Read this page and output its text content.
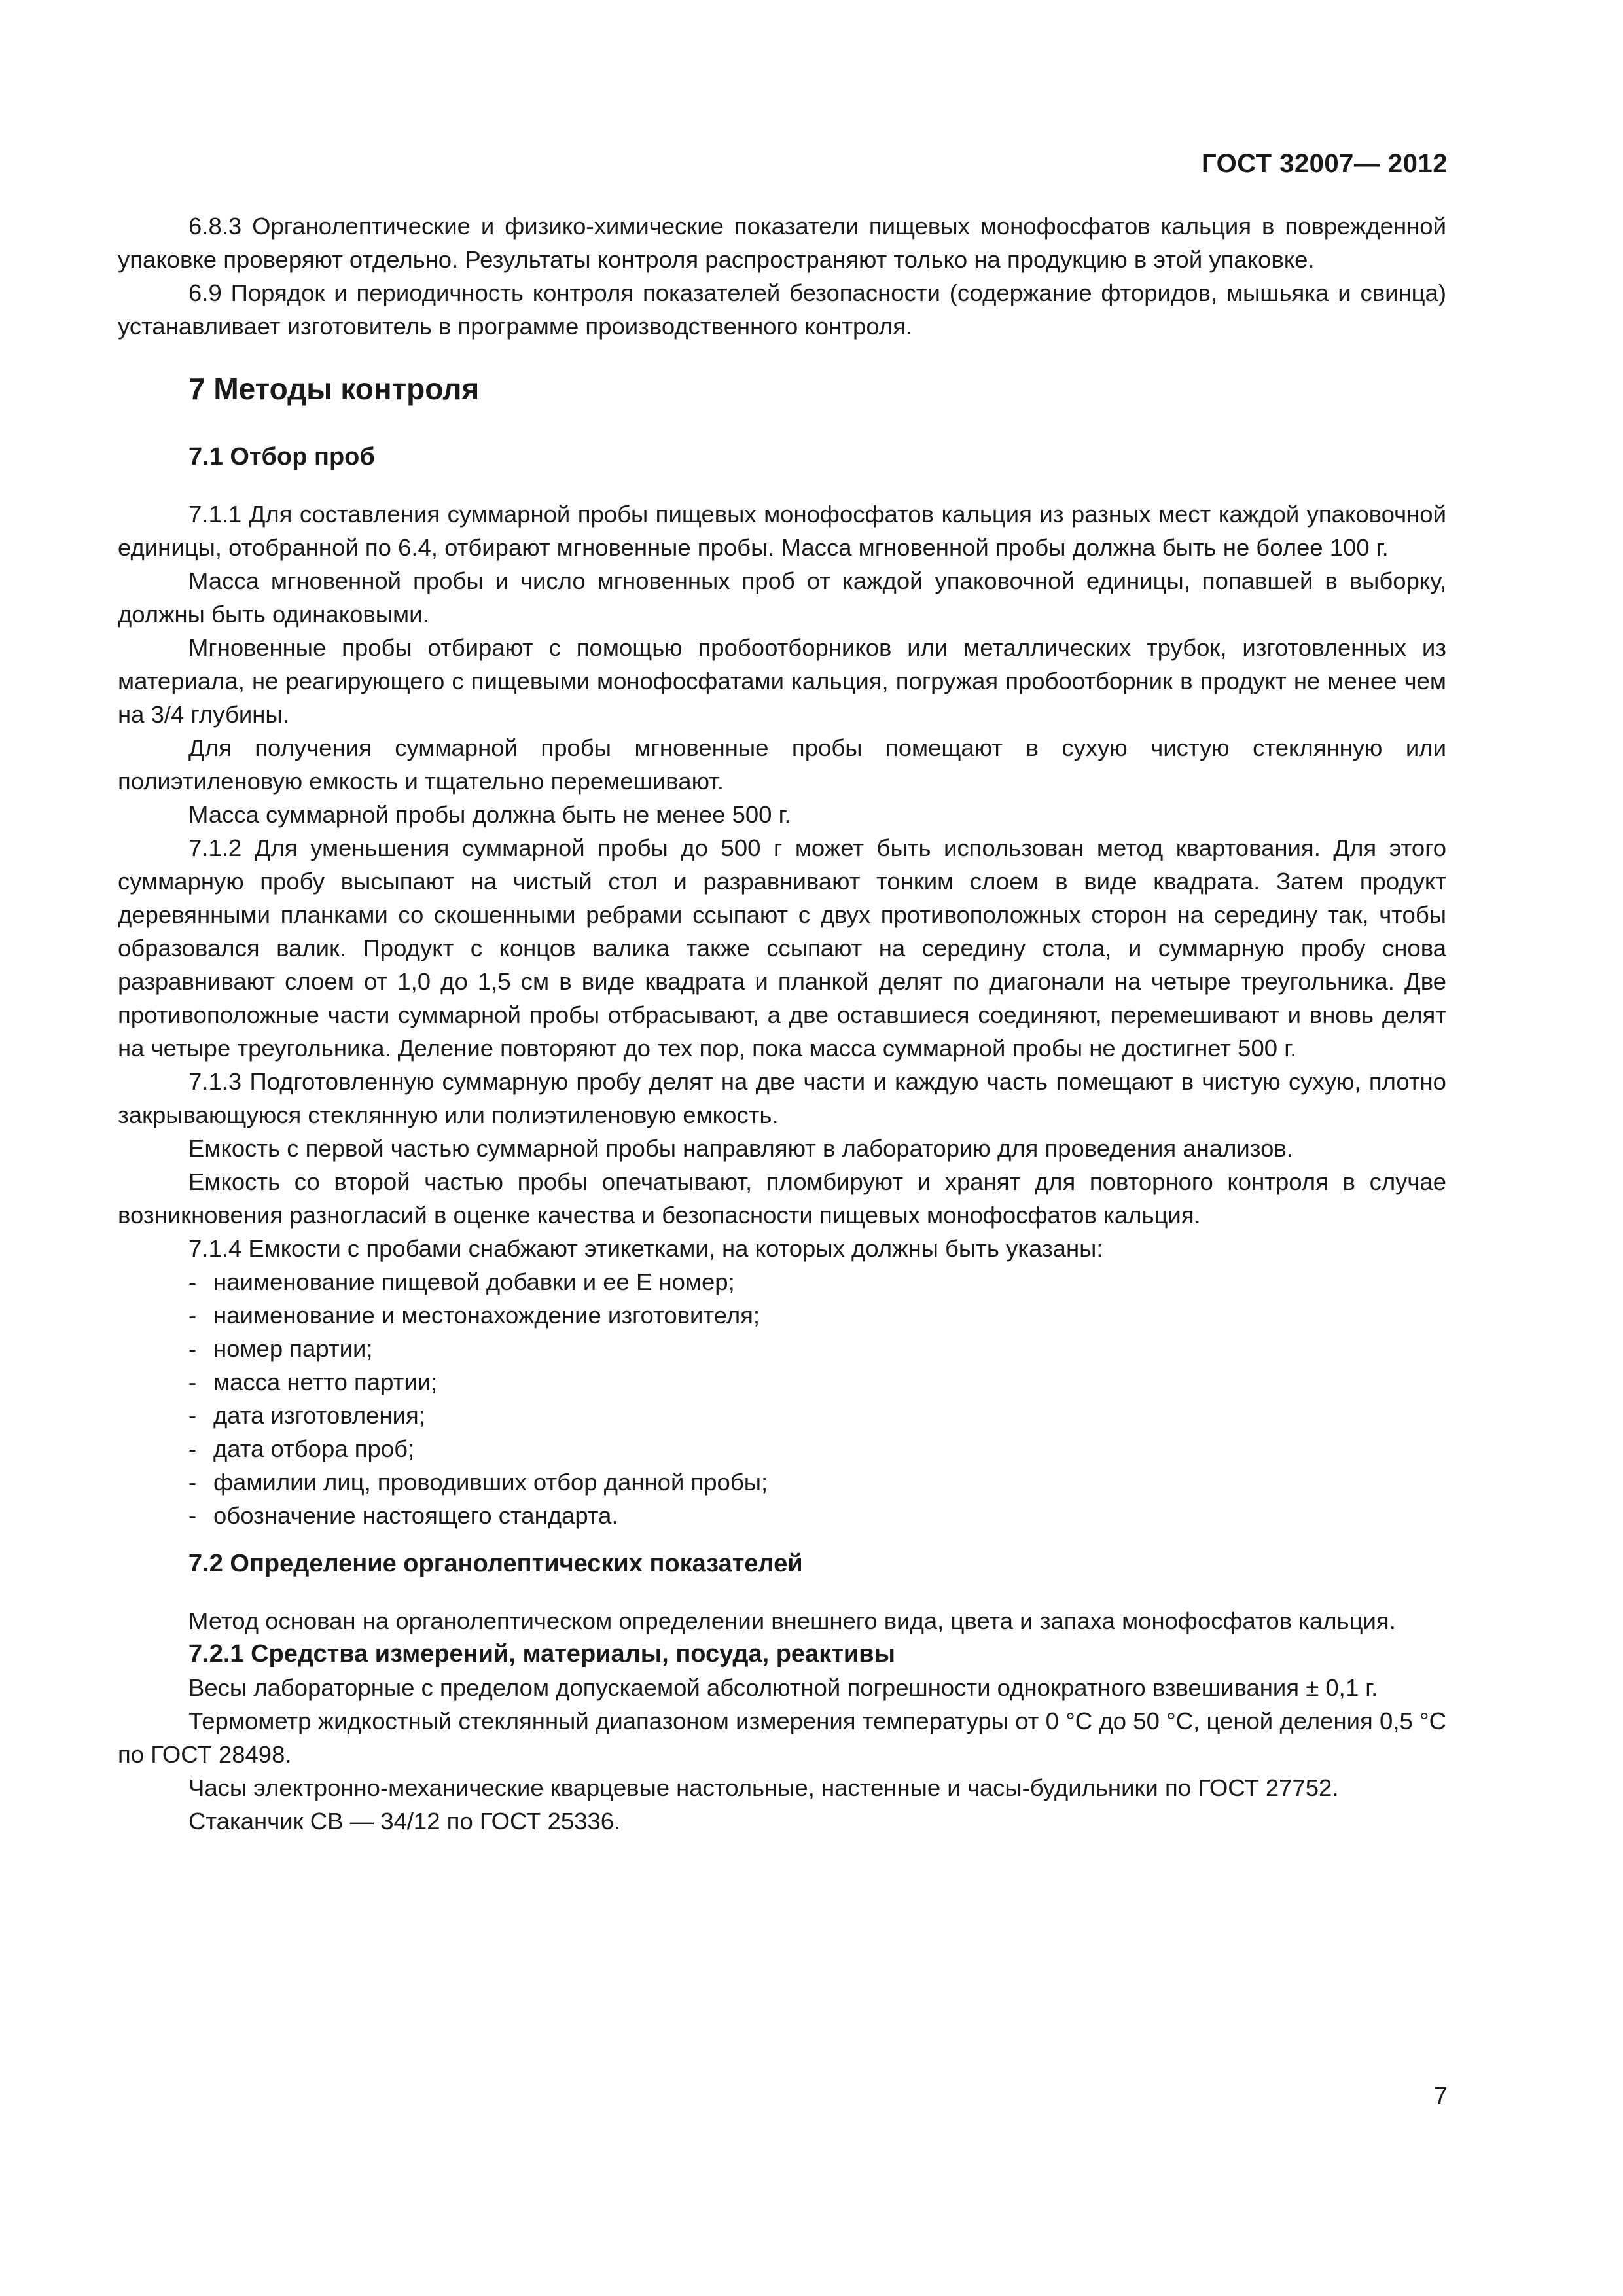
ГОСТ 32007— 2012

6.8.3 Органолептические и физико-химические показатели пищевых монофосфатов кальция в поврежденной упаковке проверяют отдельно. Результаты контроля распространяют только на продукцию в этой упаковке.

6.9 Порядок и периодичность контроля показателей безопасности (содержание фторидов, мышьяка и свинца) устанавливает изготовитель в программе производственного контроля.

7 Методы контроля
7.1 Отбор проб

7.1.1 Для составления суммарной пробы пищевых монофосфатов кальция из разных мест каждой упаковочной единицы, отобранной по 6.4, отбирают мгновенные пробы. Масса мгновенной пробы должна быть не более 100 г.

Масса мгновенной пробы и число мгновенных проб от каждой упаковочной единицы, попавшей в выборку, должны быть одинаковыми.

Мгновенные пробы отбирают с помощью пробоотборников или металлических трубок, изготовленных из материала, не реагирующего с пищевыми монофосфатами кальция, погружая пробоотборник в продукт не менее чем на 3/4 глубины.

Для получения суммарной пробы мгновенные пробы помещают в сухую чистую стеклянную или полиэтиленовую емкость и тщательно перемешивают.

Масса суммарной пробы должна быть не менее 500 г.

7.1.2 Для уменьшения суммарной пробы до 500 г может быть использован метод квартования. Для этого суммарную пробу высыпают на чистый стол и разравнивают тонким слоем в виде квадрата. Затем продукт деревянными планками со скошенными ребрами ссыпают с двух противоположных сторон на середину так, чтобы образовался валик. Продукт с концов валика также ссыпают на середину стола, и суммарную пробу снова разравнивают слоем от 1,0 до 1,5 см в виде квадрата и планкой делят по диагонали на четыре треугольника. Две противоположные части суммарной пробы отбрасывают, а две оставшиеся соединяют, перемешивают и вновь делят на четыре треугольника. Деление повторяют до тех пор, пока масса суммарной пробы не достигнет 500 г.

7.1.3 Подготовленную суммарную пробу делят на две части и каждую часть помещают в чистую сухую, плотно закрывающуюся стеклянную или полиэтиленовую емкость.

Емкость с первой частью суммарной пробы направляют в лабораторию для проведения анализов.

Емкость со второй частью пробы опечатывают, пломбируют и хранят для повторного контроля в случае возникновения разногласий в оценке качества и безопасности пищевых монофосфатов кальция.

7.1.4 Емкости с пробами снабжают этикетками, на которых должны быть указаны:

- наименование пищевой добавки и ее Е номер;
- наименование и местонахождение изготовителя;
- номер партии;
- масса нетто партии;
- дата изготовления;
- дата отбора проб;
- фамилии лиц, проводивших отбор данной пробы;
- обозначение настоящего стандарта.
7.2 Определение органолептических показателей

Метод основан на органолептическом определении внешнего вида, цвета и запаха монофосфатов кальция.

7.2.1 Средства измерений, материалы, посуда, реактивы

Весы лабораторные с пределом допускаемой абсолютной погрешности однократного взвешивания ± 0,1 г.

Термометр жидкостный стеклянный диапазоном измерения температуры от 0 °С до 50 °С, ценой деления 0,5 °С по ГОСТ 28498.

Часы электронно-механические кварцевые настольные, настенные и часы-будильники по ГОСТ 27752.

Стаканчик СВ — 34/12 по ГОСТ 25336.

7
